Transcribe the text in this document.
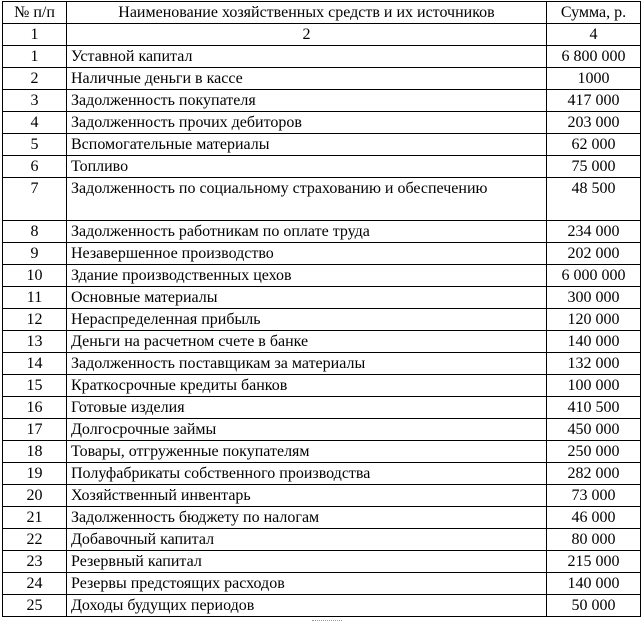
№ п/п	Наименование хозяйственных средств и их источников	Сумма, р.
1	2	4
1	Уставной капитал	6 800 000
2	Наличные деньги в кассе	1000
3	Задолженность покупателя	417 000
4	Задолженность прочих дебиторов	203 000
5	Вспомогательные материалы	62 000
6	Топливо	75 000
7	Задолженность по социальному страхованию и обеспечению	48 500
8	Задолженность работникам по оплате труда	234 000
9	Незавершенное производство	202 000
10	Здание производственных цехов	6 000 000
11	Основные материалы	300 000
12	Нераспределенная прибыль	120 000
13	Деньги на расчетном счете в банке	140 000
14	Задолженность поставщикам за материалы	132 000
15	Краткосрочные кредиты банков	100 000
16	Готовые изделия	410 500
17	Долгосрочные займы	450 000
18	Товары, отгруженные покупателям	250 000
19	Полуфабрикаты собственного производства	282 000
20	Хозяйственный инвентарь	73 000
21	Задолженность бюджету по налогам	46 000
22	Добавочный капитал	80 000
23	Резервный капитал	215 000
24	Резервы предстоящих расходов	140 000
25	Доходы будущих периодов	50 000
